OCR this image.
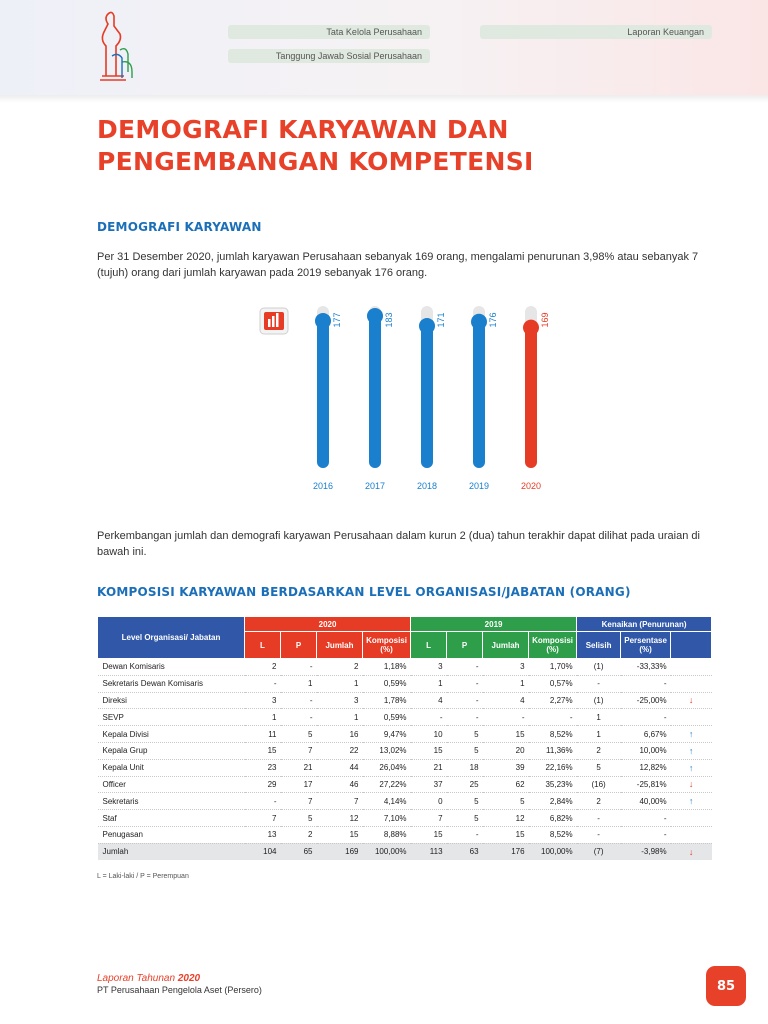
Tata Kelola Perusahaan	Laporan Keuangan
Tanggung Jawab Sosial Perusahaan
DEMOGRAFI KARYAWAN DAN
PENGEMBANGAN KOMPETENSI
DEMOGRAFI KARYAWAN
Per 31 Desember 2020, jumlah karyawan Perusahaan sebanyak 169 orang, mengalami penurunan 3,98% atau sebanyak 7 (tujuh) orang dari jumlah karyawan pada 2019 sebanyak 176 orang.
177
2016
183
2017
171
2018
176
2019
169
2020
Perkembangan jumlah dan demografi karyawan Perusahaan dalam kurun 2 (dua) tahun terakhir dapat dilihat pada uraian di bawah ini.
KOMPOSISI KARYAWAN BERDASARKAN LEVEL ORGANISASI/JABATAN (ORANG)
Level Organisasi/ Jabatan	2020				2019				Kenaikan (Penurunan)		
	L	P	Jumlah	Komposisi (%)	L	P	Jumlah	Komposisi (%)	Selisih	Persentase (%)	
Dewan Komisaris	2	-	2	1,18%	3	-	3	1,70%	(1)	-33,33%	
Sekretaris Dewan Komisaris	-	1	1	0,59%	1	-	1	0,57%	-	-	
Direksi	3	-	3	1,78%	4	-	4	2,27%	(1)	-25,00%	↓
SEVP	1	-	1	0,59%	-	-	-	-	1	-	
Kepala Divisi	11	5	16	9,47%	10	5	15	8,52%	1	6,67%	↑
Kepala Grup	15	7	22	13,02%	15	5	20	11,36%	2	10,00%	↑
Kepala Unit	23	21	44	26,04%	21	18	39	22,16%	5	12,82%	↑
Officer	29	17	46	27,22%	37	25	62	35,23%	(16)	-25,81%	↓
Sekretaris	-	7	7	4,14%	0	5	5	2,84%	2	40,00%	↑
Staf	7	5	12	7,10%	7	5	12	6,82%	-	-	
Penugasan	13	2	15	8,88%	15	-	15	8,52%	-	-	
Jumlah	104	65	169	100,00%	113	63	176	100,00%	(7)	-3,98%	↓
L = Laki-laki / P = Perempuan
Laporan Tahunan 2020
PT Perusahaan Pengelola Aset (Persero)	85
